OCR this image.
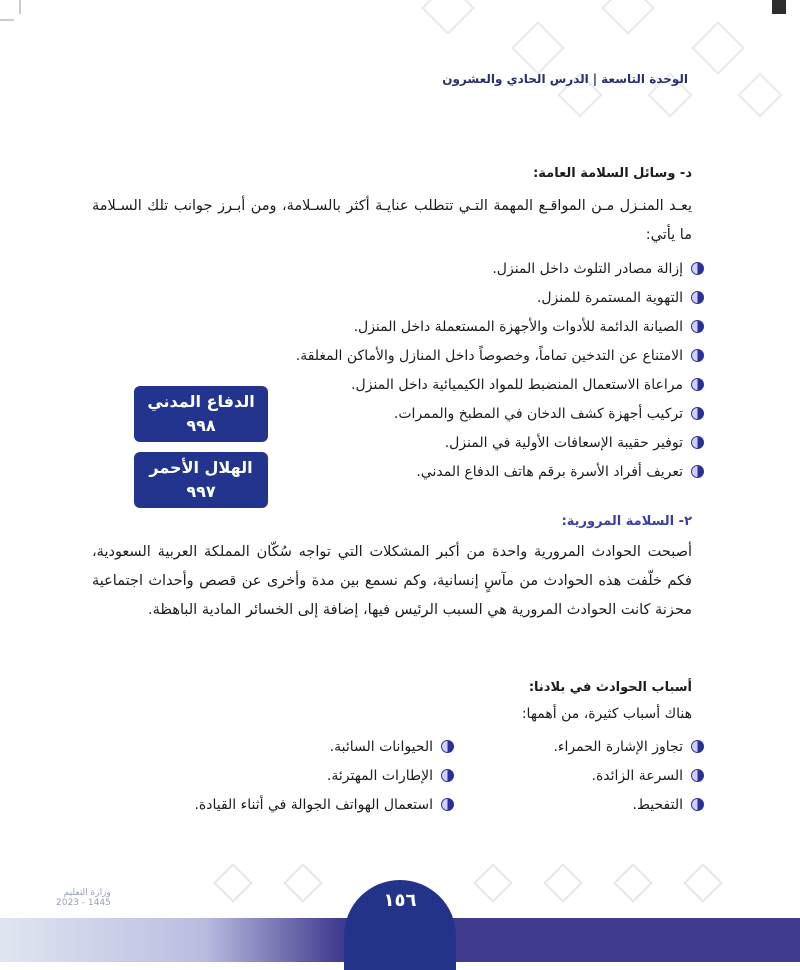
الوحدة التاسعة|الدرس الحادي والعشرون
د- وسائل السلامة العامة:
يعـد المنـزل مـن المواقـع المهمة التـي تتطلب عنايـة أكثر بالسـلامة، ومن أبـرز جوانب تلك السـلامة ما يأتي:
إزالة مصادر التلوث داخل المنزل.
التهوية المستمرة للمنزل.
الصيانة الدائمة للأدوات والأجهزة المستعملة داخل المنزل.
الامتناع عن التدخين تماماً، وخصوصاً داخل المنازل والأماكن المغلقة.
مراعاة الاستعمال المنضبط للمواد الكيميائية داخل المنزل.
تركيب أجهزة كشف الدخان في المطبخ والممرات.
توفير حقيبة الإسعافات الأولية في المنزل.
تعريف أفراد الأسرة برقم هاتف الدفاع المدني.
الدفاع المدني
٩٩٨
الهلال الأحمر
٩٩٧
٢- السلامة المرورية:
أصبحت الحوادث المرورية واحدة من أكبر المشكلات التي تواجه سُكّان المملكة العربية السعودية، فكم خلّفت هذه الحوادث من مآسٍ إنسانية، وكم نسمع بين مدة وأخرى عن قصص وأحداث اجتماعية محزنة كانت الحوادث المرورية هي السبب الرئيس فيها، إضافة إلى الخسائر المادية الباهظة.
أسباب الحوادث في بلادنا:
هناك أسباب كثيرة، من أهمها:
تجاوز الإشارة الحمراء.
السرعة الزائدة.
التفحيط.
الحيوانات السائبة.
الإطارات المهترئة.
استعمال الهواتف الجوالة في أثناء القيادة.
١٥٦
وزارة التعليم
2023 - 1445
